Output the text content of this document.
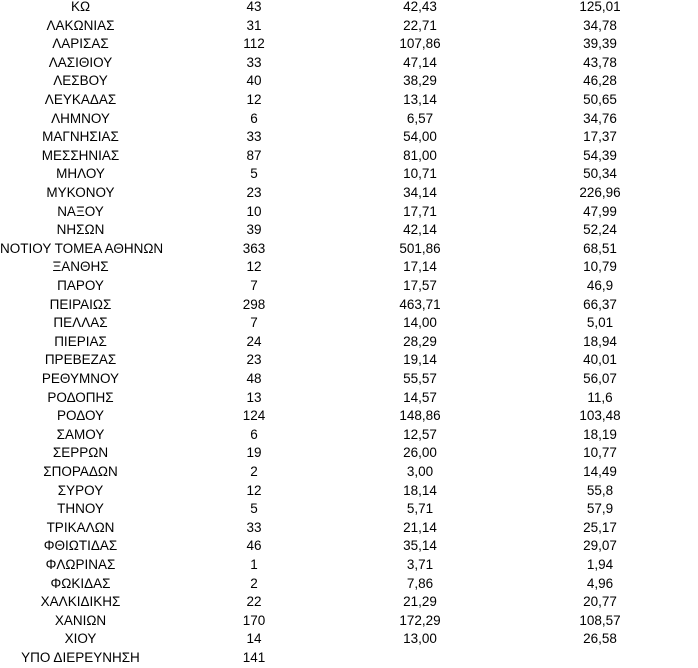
ΚΩ	43	42,43	125,01
ΛΑΚΩΝΙΑΣ	31	22,71	34,78
ΛΑΡΙΣΑΣ	112	107,86	39,39
ΛΑΣΙΘΙΟΥ	33	47,14	43,78
ΛΕΣΒΟΥ	40	38,29	46,28
ΛΕΥΚΑΔΑΣ	12	13,14	50,65
ΛΗΜΝΟΥ	6	6,57	34,76
ΜΑΓΝΗΣΙΑΣ	33	54,00	17,37
ΜΕΣΣΗΝΙΑΣ	87	81,00	54,39
ΜΗΛΟΥ	5	10,71	50,34
ΜΥΚΟΝΟΥ	23	34,14	226,96
ΝΑΞΟΥ	10	17,71	47,99
ΝΗΣΩΝ	39	42,14	52,24
ΝΟΤΙΟΥ ΤΟΜΕΑ ΑΘΗΝΩΝ	363	501,86	68,51
ΞΑΝΘΗΣ	12	17,14	10,79
ΠΑΡΟΥ	7	17,57	46,9
ΠΕΙΡΑΙΩΣ	298	463,71	66,37
ΠΕΛΛΑΣ	7	14,00	5,01
ΠΙΕΡΙΑΣ	24	28,29	18,94
ΠΡΕΒΕΖΑΣ	23	19,14	40,01
ΡΕΘΥΜΝΟΥ	48	55,57	56,07
ΡΟΔΟΠΗΣ	13	14,57	11,6
ΡΟΔΟΥ	124	148,86	103,48
ΣΑΜΟΥ	6	12,57	18,19
ΣΕΡΡΩΝ	19	26,00	10,77
ΣΠΟΡΑΔΩΝ	2	3,00	14,49
ΣΥΡΟΥ	12	18,14	55,8
ΤΗΝΟΥ	5	5,71	57,9
ΤΡΙΚΑΛΩΝ	33	21,14	25,17
ΦΘΙΩΤΙΔΑΣ	46	35,14	29,07
ΦΛΩΡΙΝΑΣ	1	3,71	1,94
ΦΩΚΙΔΑΣ	2	7,86	4,96
ΧΑΛΚΙΔΙΚΗΣ	22	21,29	20,77
ΧΑΝΙΩΝ	170	172,29	108,57
ΧΙΟΥ	14	13,00	26,58
ΥΠΟ ΔΙΕΡΕΥΝΗΣΗ	141
